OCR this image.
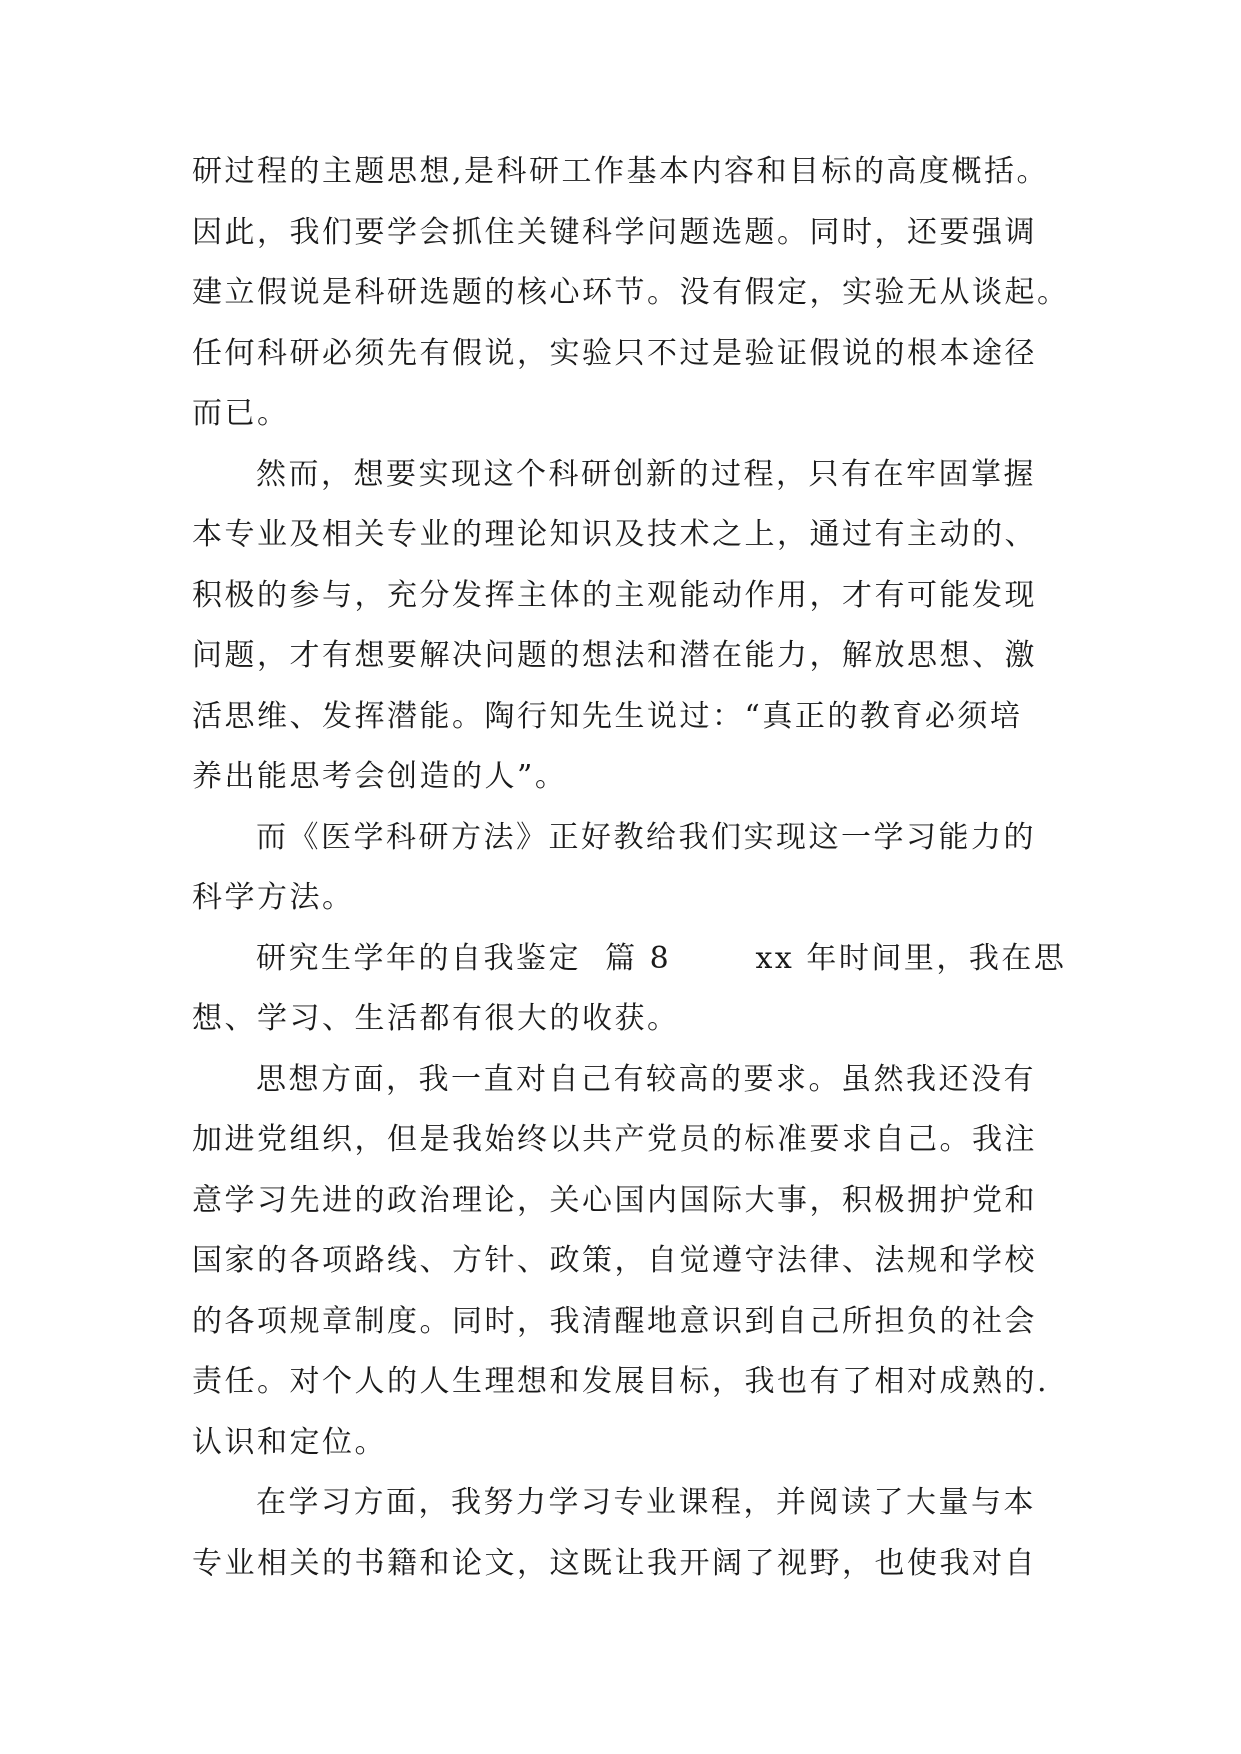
研过程的主题思想,是科研工作基本内容和目标的高度概括。
因此，我们要学会抓住关键科学问题选题。同时，还要强调
建立假说是科研选题的核心环节。没有假定，实验无从谈起。
任何科研必须先有假说，实验只不过是验证假说的根本途径
而已。
然而，想要实现这个科研创新的过程，只有在牢固掌握
本专业及相关专业的理论知识及技术之上，通过有主动的、
积极的参与，充分发挥主体的主观能动作用，才有可能发现
问题，才有想要解决问题的想法和潜在能力，解放思想、激
活思维、发挥潜能。陶行知先生说过：“真正的教育必须培
养出能思考会创造的人”。
而《医学科研方法》正好教给我们实现这一学习能力的
科学方法。
研究生学年的自我鉴定  篇 8       xx 年时间里，我在思
想、学习、生活都有很大的收获。
思想方面，我一直对自己有较高的要求。虽然我还没有
加进党组织，但是我始终以共产党员的标准要求自己。我注
意学习先进的政治理论，关心国内国际大事，积极拥护党和
国家的各项路线、方针、政策，自觉遵守法律、法规和学校
的各项规章制度。同时，我清醒地意识到自己所担负的社会
责任。对个人的人生理想和发展目标，我也有了相对成熟的.
认识和定位。
在学习方面，我努力学习专业课程，并阅读了大量与本
专业相关的书籍和论文，这既让我开阔了视野，也使我对自
